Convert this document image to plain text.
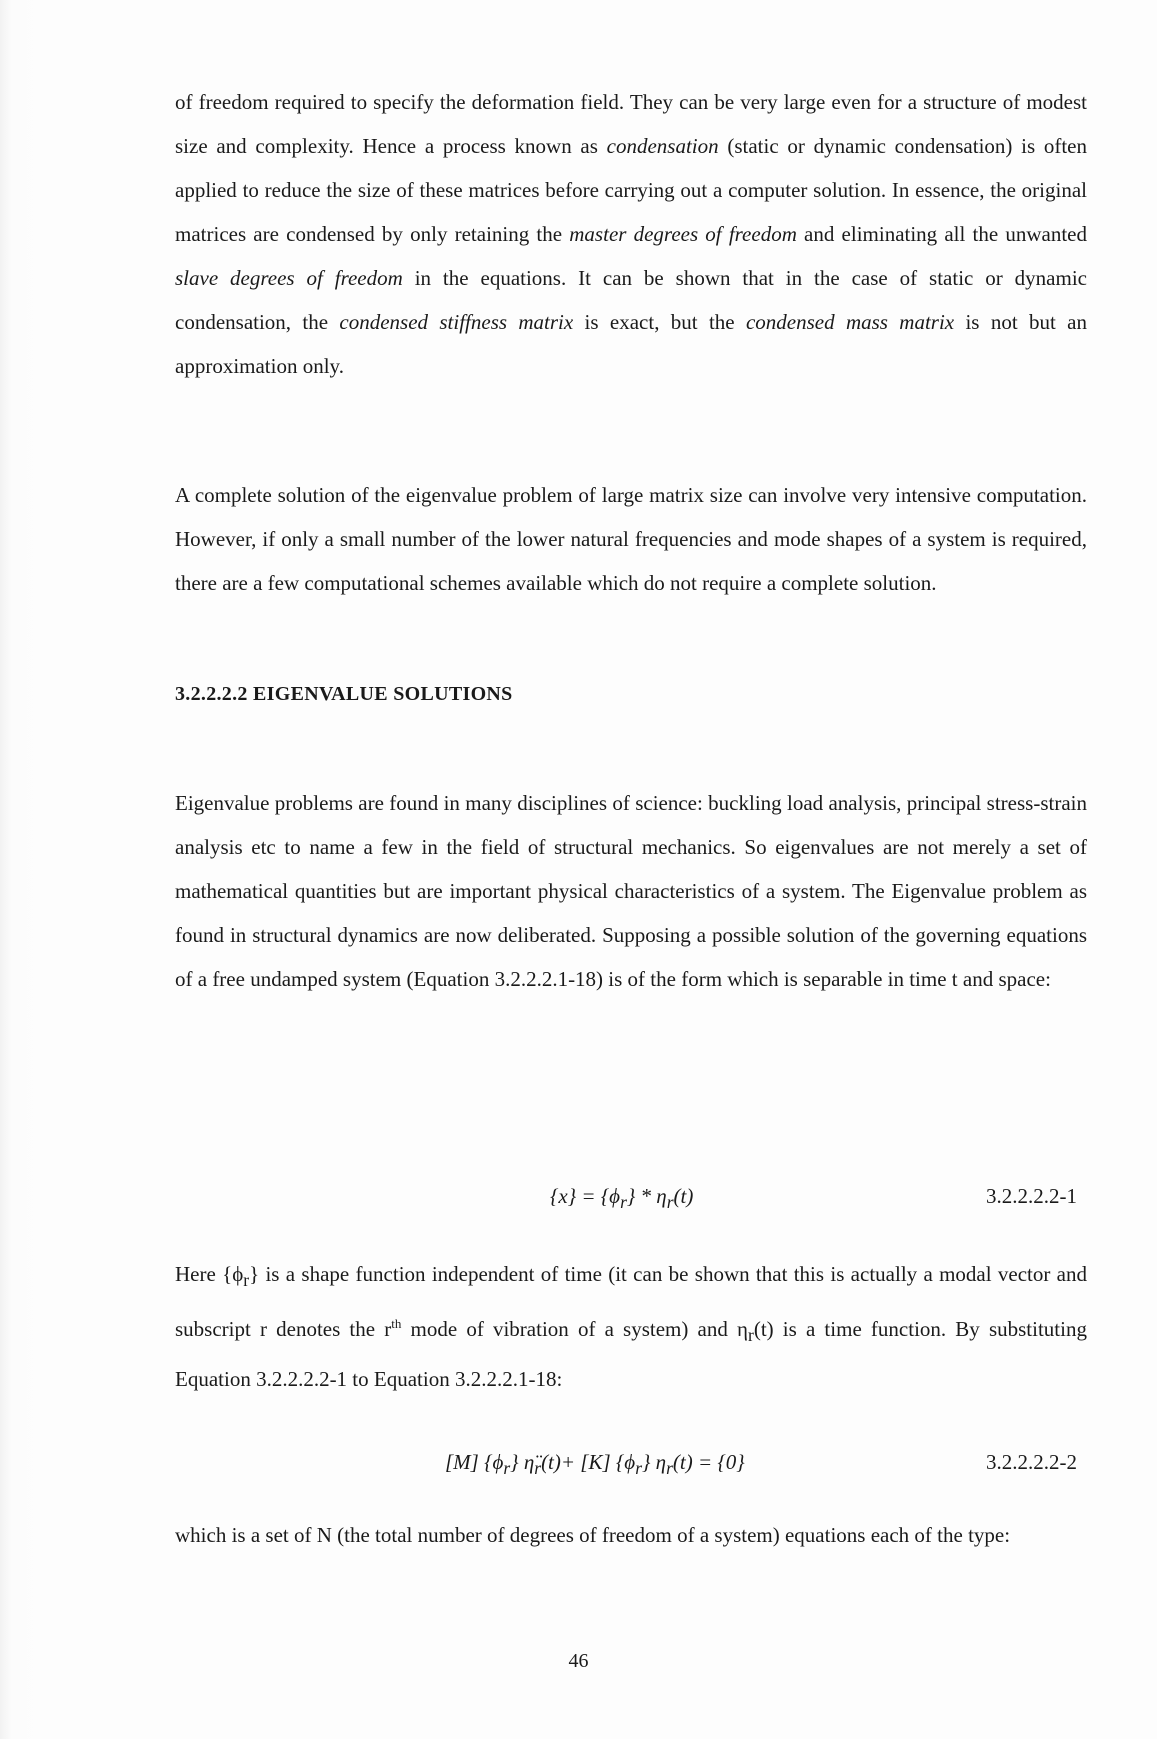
of freedom required to specify the deformation field. They can be very large even for a structure of modest size and complexity. Hence a process known as condensation (static or dynamic condensation) is often applied to reduce the size of these matrices before carrying out a computer solution. In essence, the original matrices are condensed by only retaining the master degrees of freedom and eliminating all the unwanted slave degrees of freedom in the equations. It can be shown that in the case of static or dynamic condensation, the condensed stiffness matrix is exact, but the condensed mass matrix is not but an approximation only.

A complete solution of the eigenvalue problem of large matrix size can involve very intensive computation. However, if only a small number of the lower natural frequencies and mode shapes of a system is required, there are a few computational schemes available which do not require a complete solution.

3.2.2.2.2 EIGENVALUE SOLUTIONS

Eigenvalue problems are found in many disciplines of science: buckling load analysis, principal stress-strain analysis etc to name a few in the field of structural mechanics. So eigenvalues are not merely a set of mathematical quantities but are important physical characteristics of a system. The Eigenvalue problem as found in structural dynamics are now deliberated. Supposing a possible solution of the governing equations of a free undamped system (Equation 3.2.2.2.1-18) is of the form which is separable in time t and space:

$\{x\} = \{\phi_r\} * \eta_r(t)$	3.2.2.2.2-1

Here $\{\phi_r\}$ is a shape function independent of time (it can be shown that this is actually a modal vector and subscript r denotes the $r^{th}$ mode of vibration of a system) and $\eta_r(t)$ is a time function. By substituting Equation 3.2.2.2.2-1 to Equation 3.2.2.2.1-18:

[M] $\{\phi_r\}$ $\etä_r(t)+ [K]$ $\{\phi_r\} \eta_r(t) = \{0\}$	3.2.2.2.2-2

which is a set of N (the total number of degrees of freedom of a system) equations each of the type:

46
